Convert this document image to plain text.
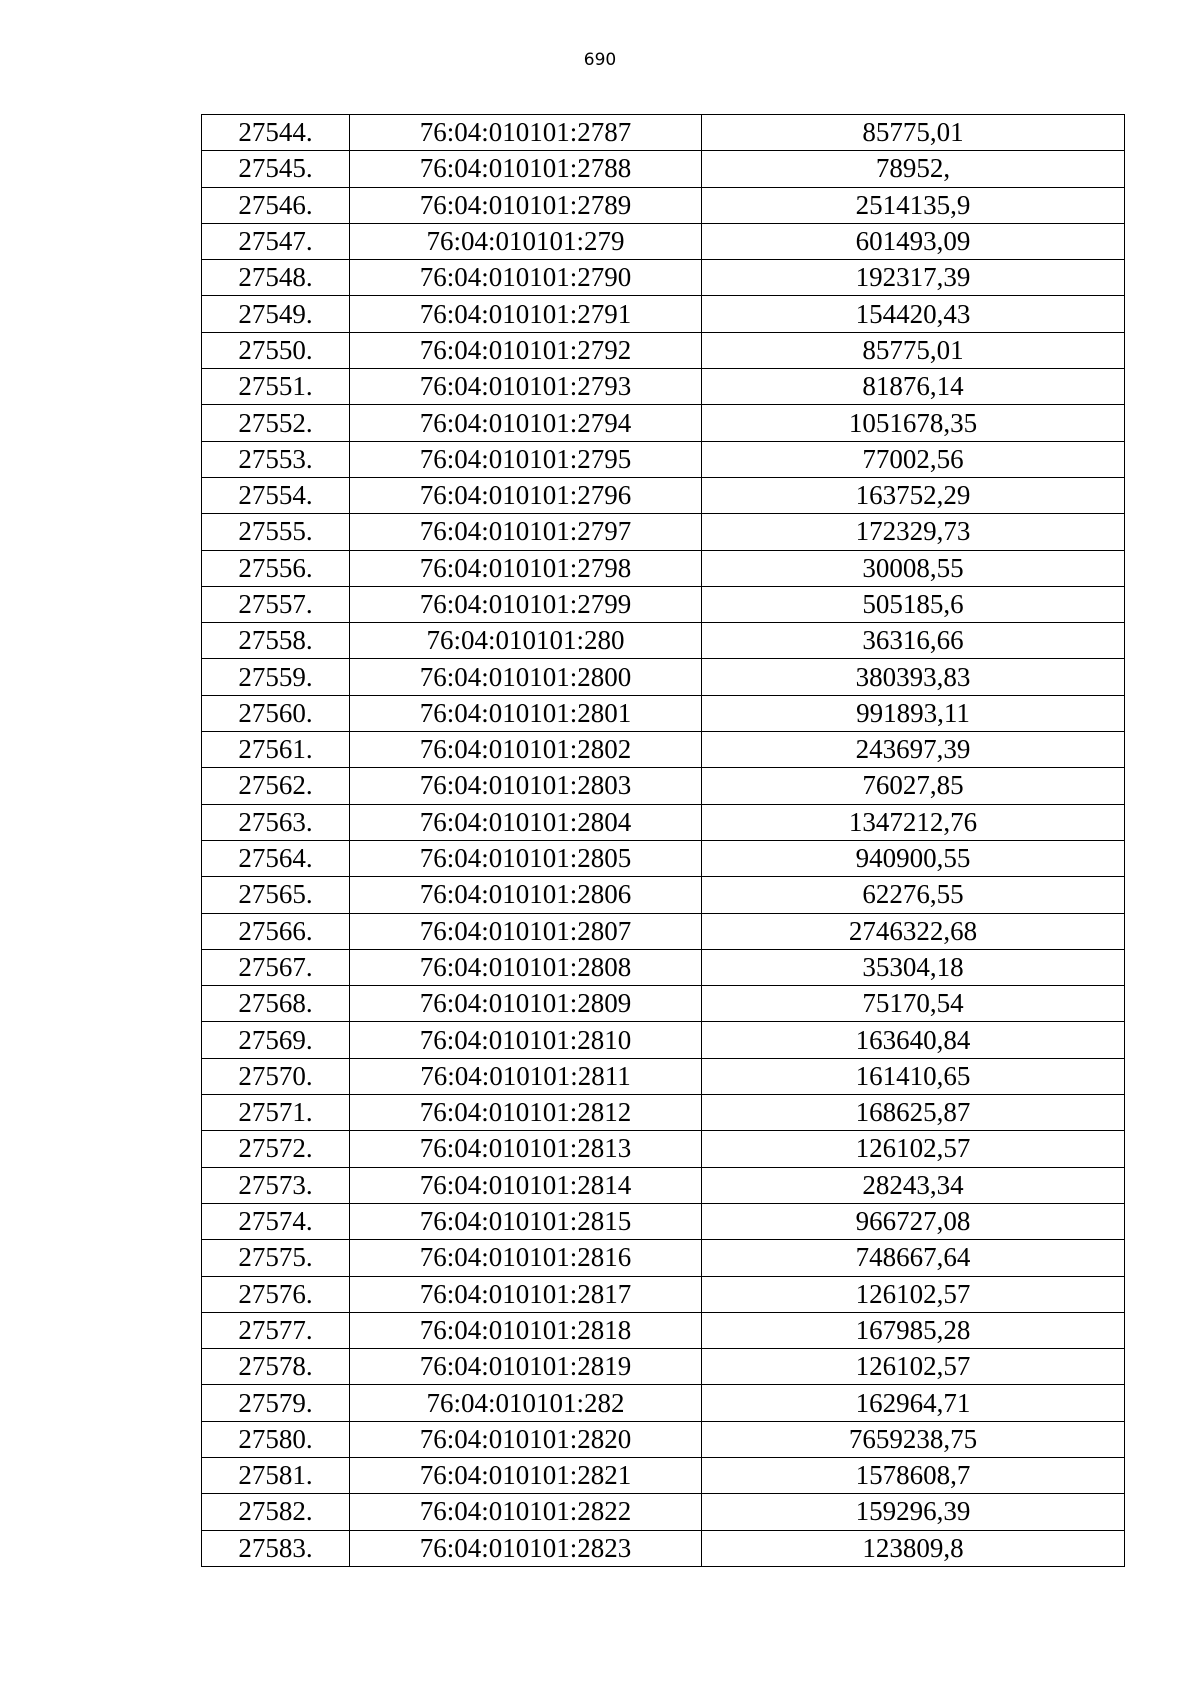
690
27544.	76:04:010101:2787	85775,01
27545.	76:04:010101:2788	78952,
27546.	76:04:010101:2789	2514135,9
27547.	76:04:010101:279	601493,09
27548.	76:04:010101:2790	192317,39
27549.	76:04:010101:2791	154420,43
27550.	76:04:010101:2792	85775,01
27551.	76:04:010101:2793	81876,14
27552.	76:04:010101:2794	1051678,35
27553.	76:04:010101:2795	77002,56
27554.	76:04:010101:2796	163752,29
27555.	76:04:010101:2797	172329,73
27556.	76:04:010101:2798	30008,55
27557.	76:04:010101:2799	505185,6
27558.	76:04:010101:280	36316,66
27559.	76:04:010101:2800	380393,83
27560.	76:04:010101:2801	991893,11
27561.	76:04:010101:2802	243697,39
27562.	76:04:010101:2803	76027,85
27563.	76:04:010101:2804	1347212,76
27564.	76:04:010101:2805	940900,55
27565.	76:04:010101:2806	62276,55
27566.	76:04:010101:2807	2746322,68
27567.	76:04:010101:2808	35304,18
27568.	76:04:010101:2809	75170,54
27569.	76:04:010101:2810	163640,84
27570.	76:04:010101:2811	161410,65
27571.	76:04:010101:2812	168625,87
27572.	76:04:010101:2813	126102,57
27573.	76:04:010101:2814	28243,34
27574.	76:04:010101:2815	966727,08
27575.	76:04:010101:2816	748667,64
27576.	76:04:010101:2817	126102,57
27577.	76:04:010101:2818	167985,28
27578.	76:04:010101:2819	126102,57
27579.	76:04:010101:282	162964,71
27580.	76:04:010101:2820	7659238,75
27581.	76:04:010101:2821	1578608,7
27582.	76:04:010101:2822	159296,39
27583.	76:04:010101:2823	123809,8
